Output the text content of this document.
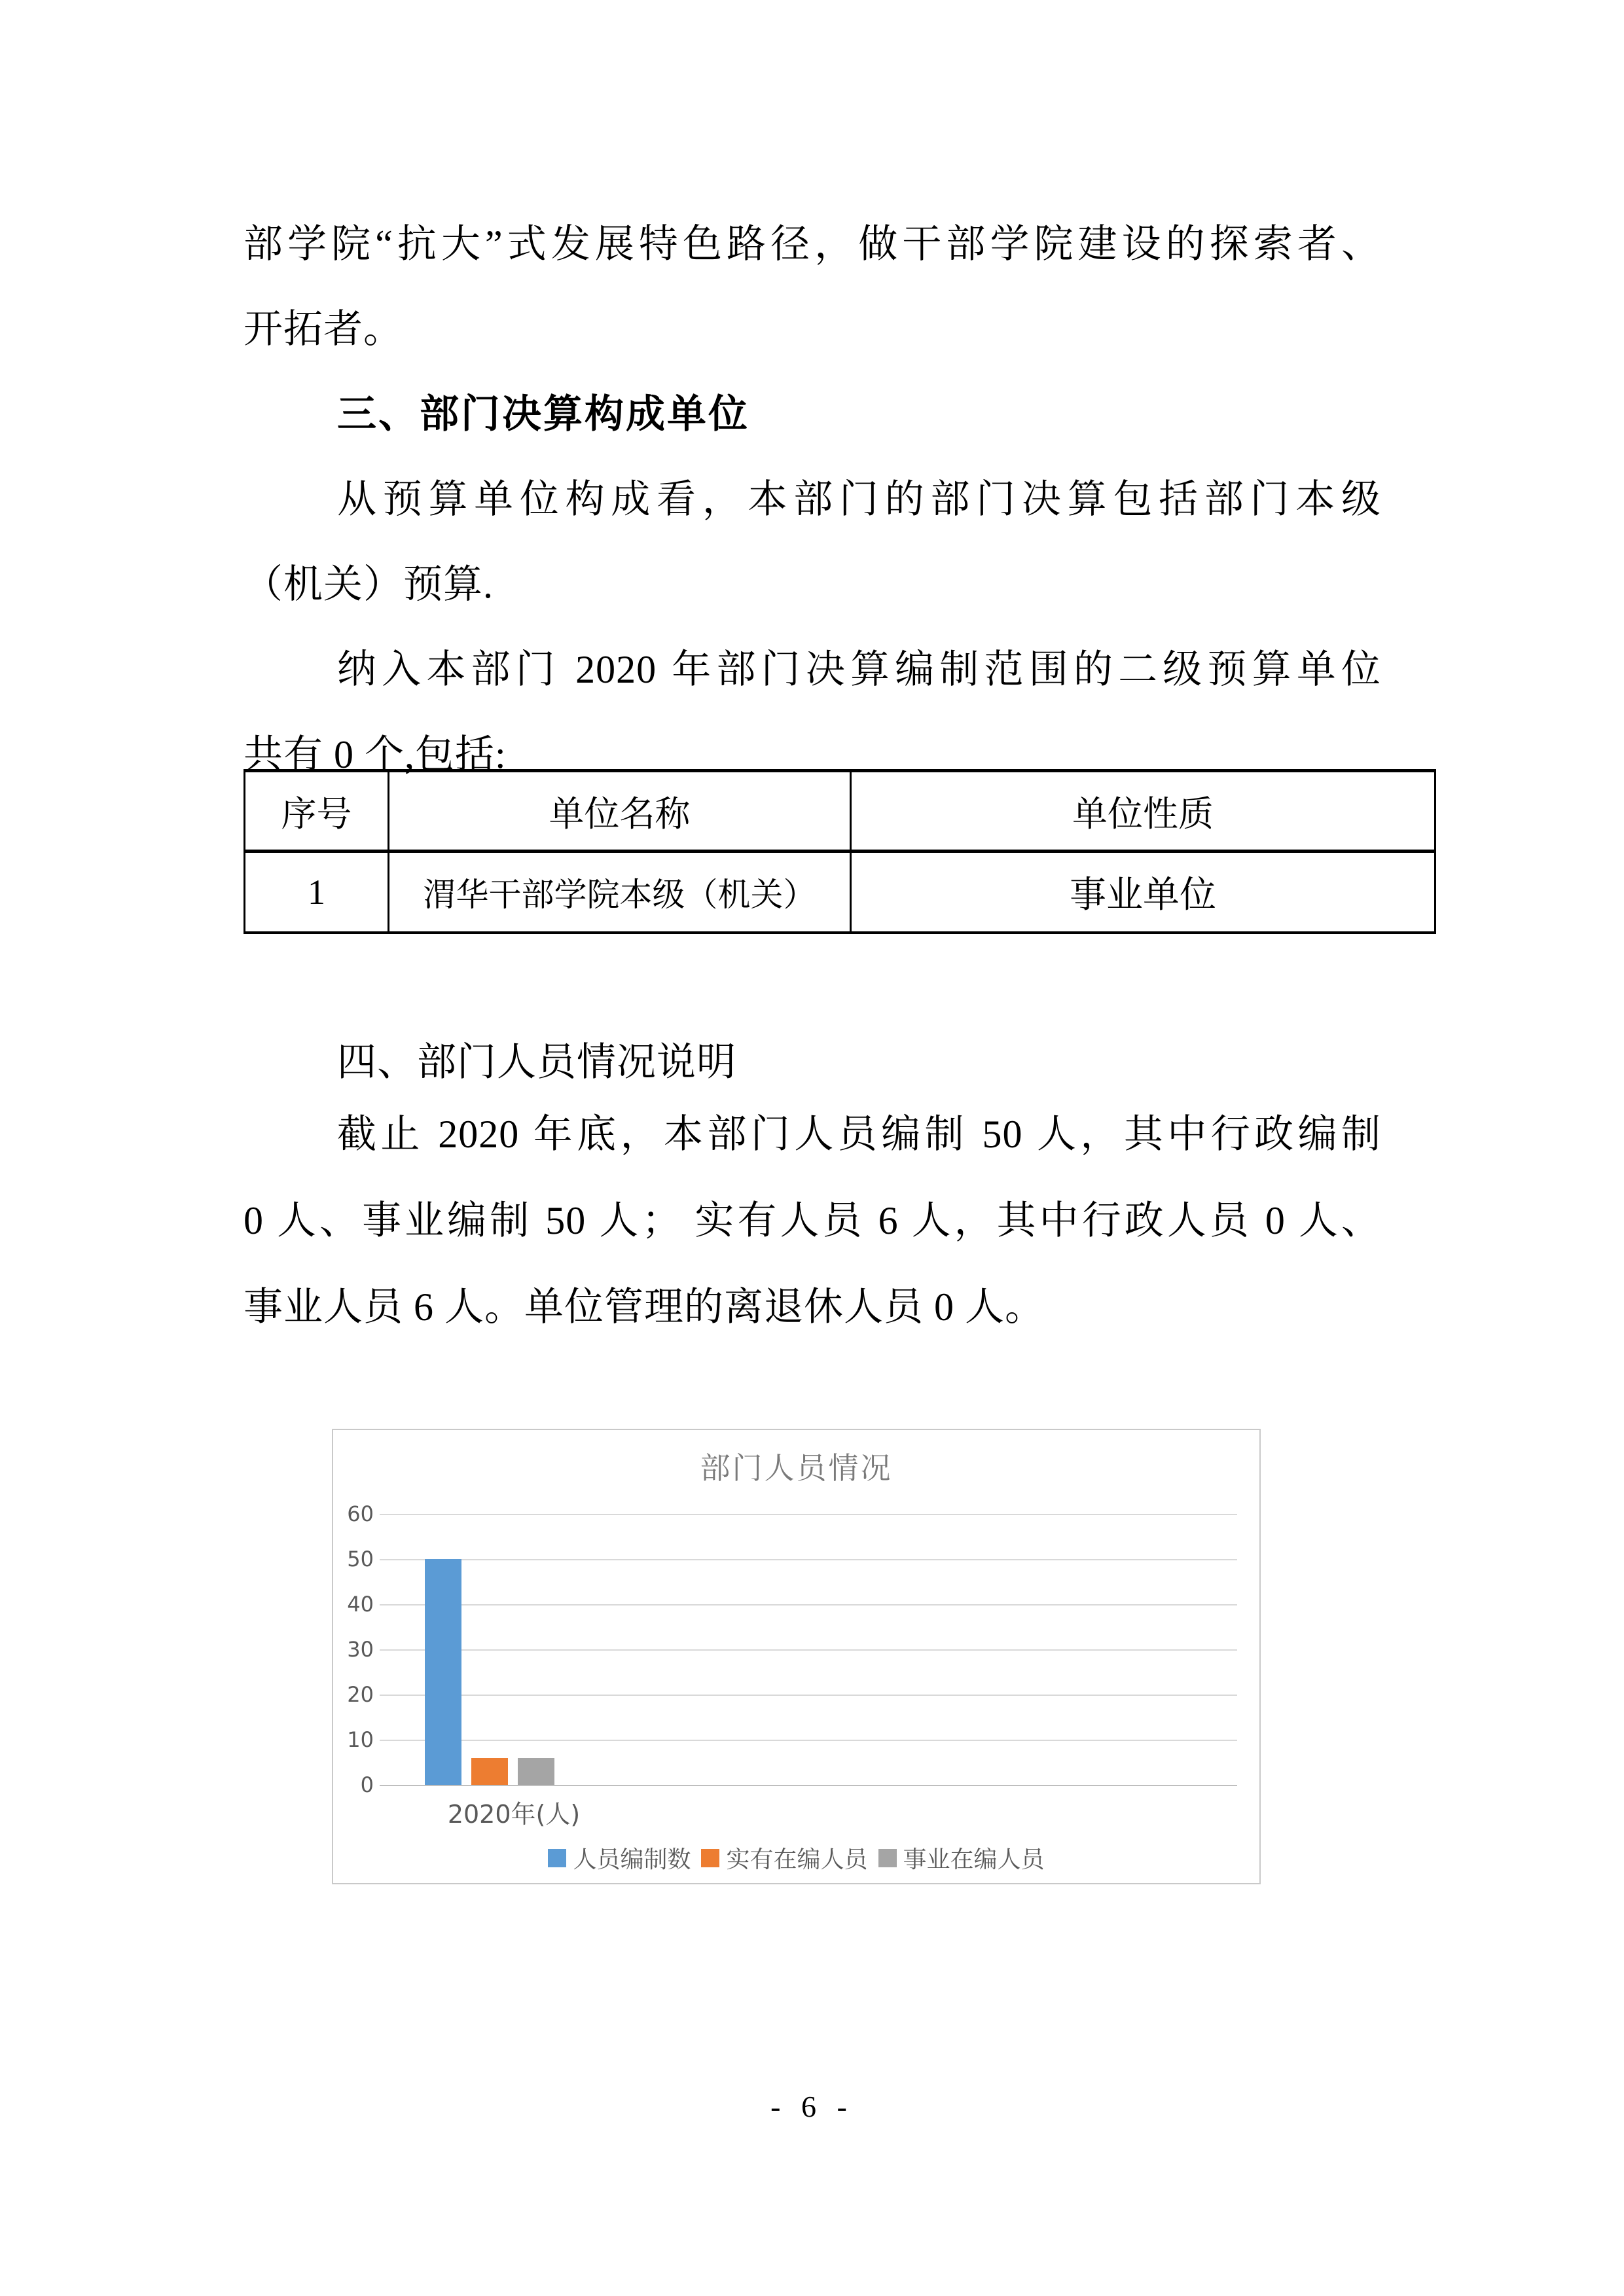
部学院“抗大”式发展特色路径，做干部学院建设的探索者、
开拓者。
三、部门决算构成单位
从预算单位构成看，本部门的部门决算包括部门本级
（机关）预算.
纳入本部门 2020 年部门决算编制范围的二级预算单位
共有 0 个,包括:
序号	单位名称	单位性质
1	渭华干部学院本级（机关）	事业单位
四、部门人员情况说明
截止 2020 年底，本部门人员编制 50 人，其中行政编制
0 人、事业编制 50 人； 实有人员 6 人，其中行政人员 0 人、
事业人员 6 人。单位管理的离退休人员 0 人。
部门人员情况
2020年(人)
人员编制数 实有在编人员 事业在编人员
0
10
20
30
40
50
60
- 6 -
